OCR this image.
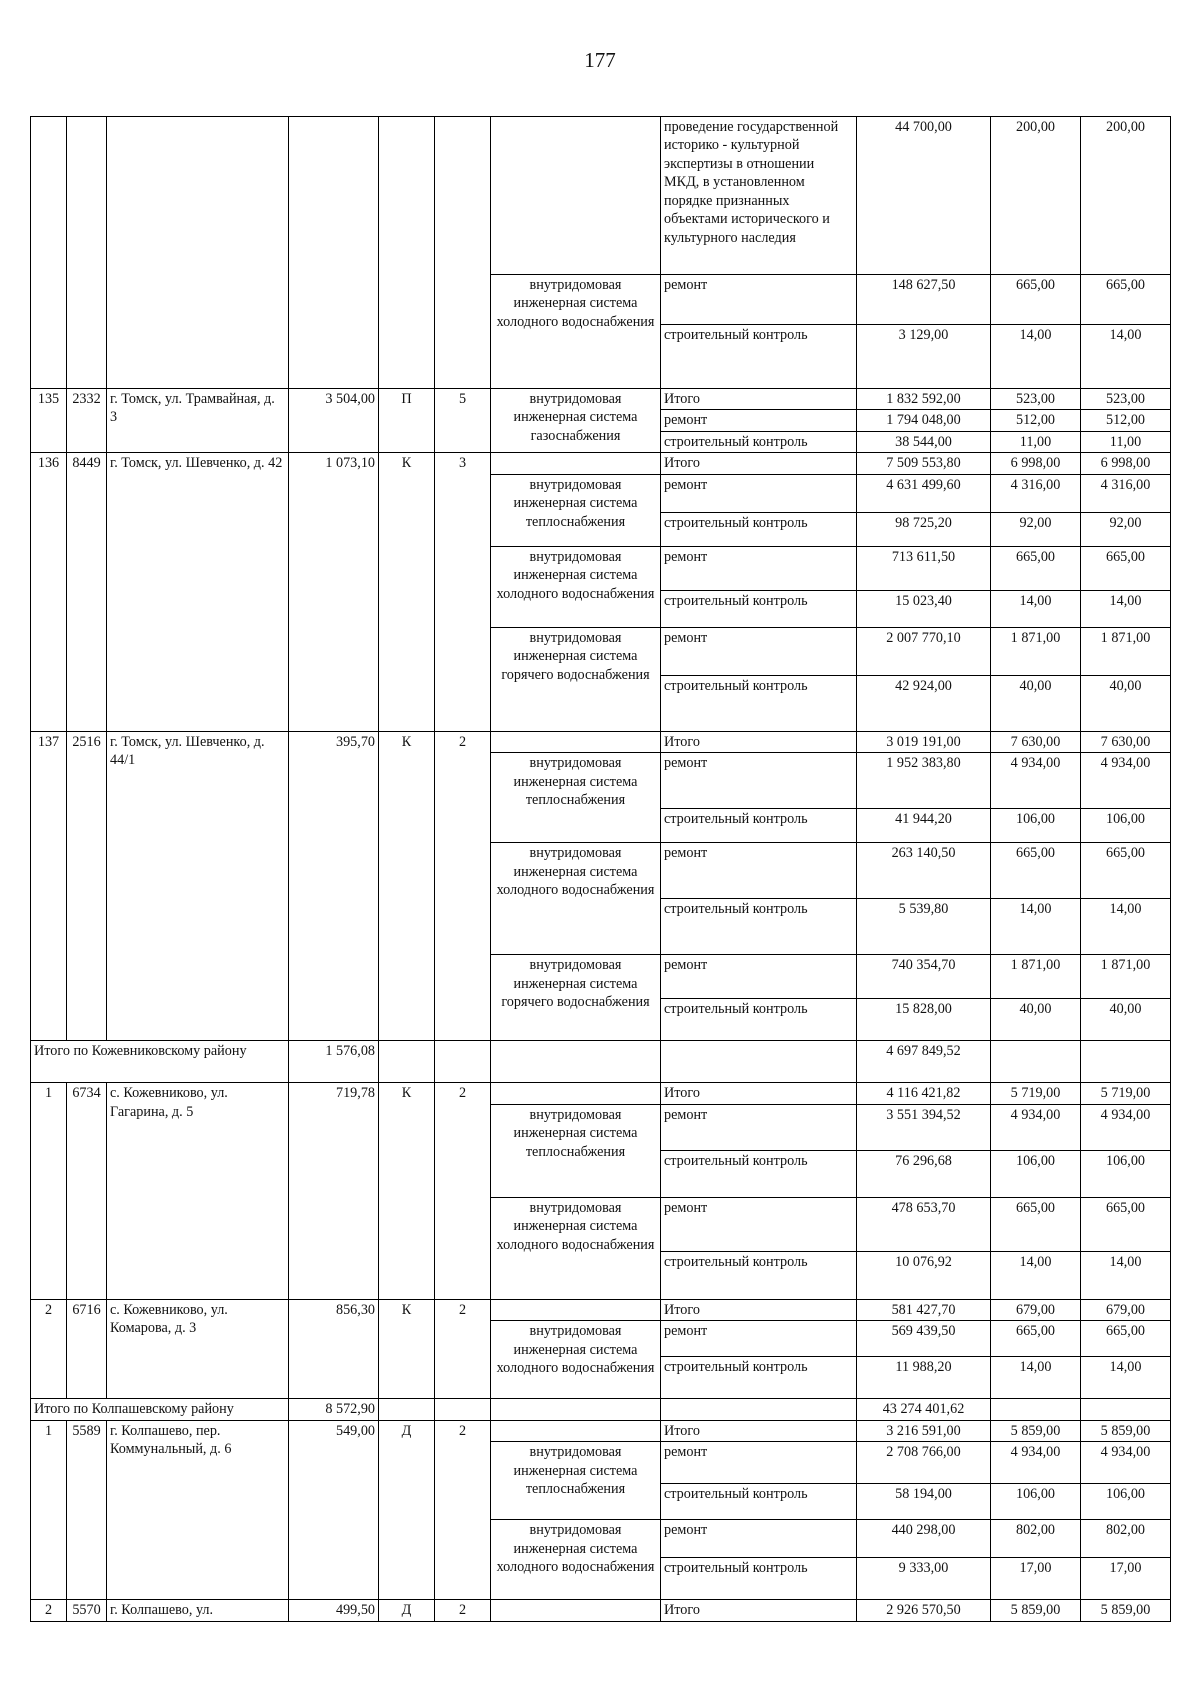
177
							проведение государственной историко - культурной экспертизы в отношении МКД, в установленном порядке признанных объектами исторического и культурного наследия	44 700,00	200,00	200,00
						внутридомовая инженерная система холодного водоснабжения	ремонт	148 627,50	665,00	665,00
							строительный контроль	3 129,00	14,00	14,00
135	2332	г. Томск, ул. Трамвайная, д. 3	3 504,00	П	5	внутридомовая инженерная система газоснабжения	Итого	1 832 592,00	523,00	523,00
							ремонт	1 794 048,00	512,00	512,00
							строительный контроль	38 544,00	11,00	11,00
136	8449	г. Томск, ул. Шевченко, д. 42	1 073,10	К	3		Итого	7 509 553,80	6 998,00	6 998,00
						внутридомовая инженерная система теплоснабжения	ремонт	4 631 499,60	4 316,00	4 316,00
							строительный контроль	98 725,20	92,00	92,00
						внутридомовая инженерная система холодного водоснабжения	ремонт	713 611,50	665,00	665,00
							строительный контроль	15 023,40	14,00	14,00
						внутридомовая инженерная система горячего водоснабжения	ремонт	2 007 770,10	1 871,00	1 871,00
							строительный контроль	42 924,00	40,00	40,00
137	2516	г. Томск, ул. Шевченко, д. 44/1	395,70	К	2		Итого	3 019 191,00	7 630,00	7 630,00
						внутридомовая инженерная система теплоснабжения	ремонт	1 952 383,80	4 934,00	4 934,00
							строительный контроль	41 944,20	106,00	106,00
						внутридомовая инженерная система холодного водоснабжения	ремонт	263 140,50	665,00	665,00
							строительный контроль	5 539,80	14,00	14,00
						внутридомовая инженерная система горячего водоснабжения	ремонт	740 354,70	1 871,00	1 871,00
							строительный контроль	15 828,00	40,00	40,00
Итого по Кожевниковскому району			1 576,08					4 697 849,52		
1	6734	с. Кожевниково, ул. Гагарина, д. 5	719,78	К	2		Итого	4 116 421,82	5 719,00	5 719,00
						внутридомовая инженерная система теплоснабжения	ремонт	3 551 394,52	4 934,00	4 934,00
							строительный контроль	76 296,68	106,00	106,00
						внутридомовая инженерная система холодного водоснабжения	ремонт	478 653,70	665,00	665,00
							строительный контроль	10 076,92	14,00	14,00
2	6716	с. Кожевниково, ул. Комарова, д. 3	856,30	К	2		Итого	581 427,70	679,00	679,00
						внутридомовая инженерная система холодного водоснабжения	ремонт	569 439,50	665,00	665,00
							строительный контроль	11 988,20	14,00	14,00
Итого по Колпашевскому району			8 572,90					43 274 401,62		
1	5589	г. Колпашево, пер. Коммунальный, д. 6	549,00	Д	2		Итого	3 216 591,00	5 859,00	5 859,00
						внутридомовая инженерная система теплоснабжения	ремонт	2 708 766,00	4 934,00	4 934,00
							строительный контроль	58 194,00	106,00	106,00
						внутридомовая инженерная система холодного водоснабжения	ремонт	440 298,00	802,00	802,00
							строительный контроль	9 333,00	17,00	17,00
2	5570	г. Колпашево, ул.	499,50	Д	2		Итого	2 926 570,50	5 859,00	5 859,00
